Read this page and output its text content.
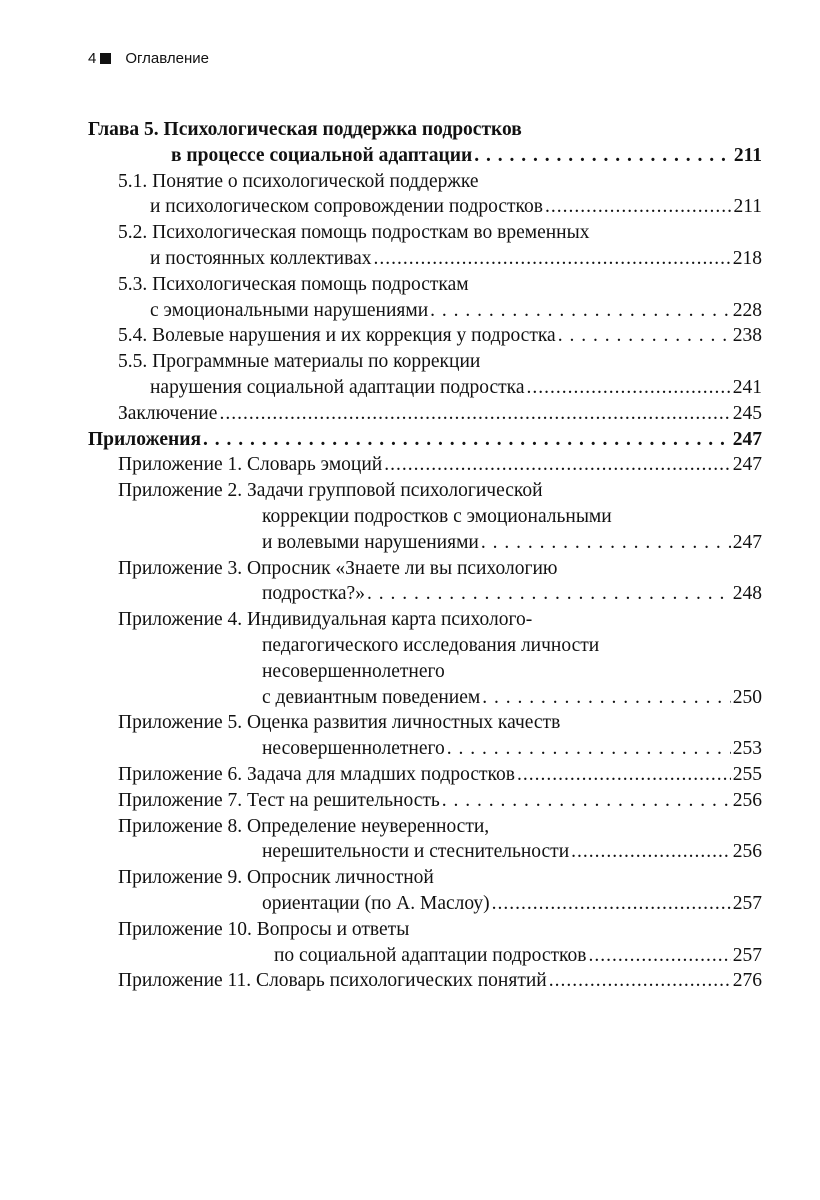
4 Оглавление
Глава 5. Психологическая поддержка подростков
в процессе социальной адаптации . . .	211
5.1. Понятие о психологической поддержке
и психологическом сопровождении подростков .....	211
5.2. Психологическая помощь подросткам во временных
и постоянных коллективах .....	218
5.3. Психологическая помощь подросткам
с эмоциональными нарушениями . . .	228
5.4. Волевые нарушения и их коррекция у подростка . . .	238
5.5. Программные материалы по коррекции
нарушения социальной адаптации подростка .....	241
Заключение .....	245
Приложения . . .	247
Приложение 1. Словарь эмоций .....	247
Приложение 2. Задачи групповой психологической
коррекции подростков с эмоциональными
и волевыми нарушениями . . .	247
Приложение 3. Опросник «Знаете ли вы психологию
подростка?» . . .	248
Приложение 4. Индивидуальная карта психолого-
педагогического исследования личности
несовершеннолетнего
с девиантным поведением . . .	250
Приложение 5. Оценка развития личностных качеств
несовершеннолетнего . . .	253
Приложение 6. Задача для младших подростков .....	255
Приложение 7. Тест на решительность . . .	256
Приложение 8. Определение неуверенности,
нерешительности и стеснительности .....	256
Приложение 9. Опросник личностной
ориентации (по А. Маслоу) .....	257
Приложение 10. Вопросы и ответы
по социальной адаптации подростков .....	257
Приложение 11. Словарь психологических понятий .....	276
